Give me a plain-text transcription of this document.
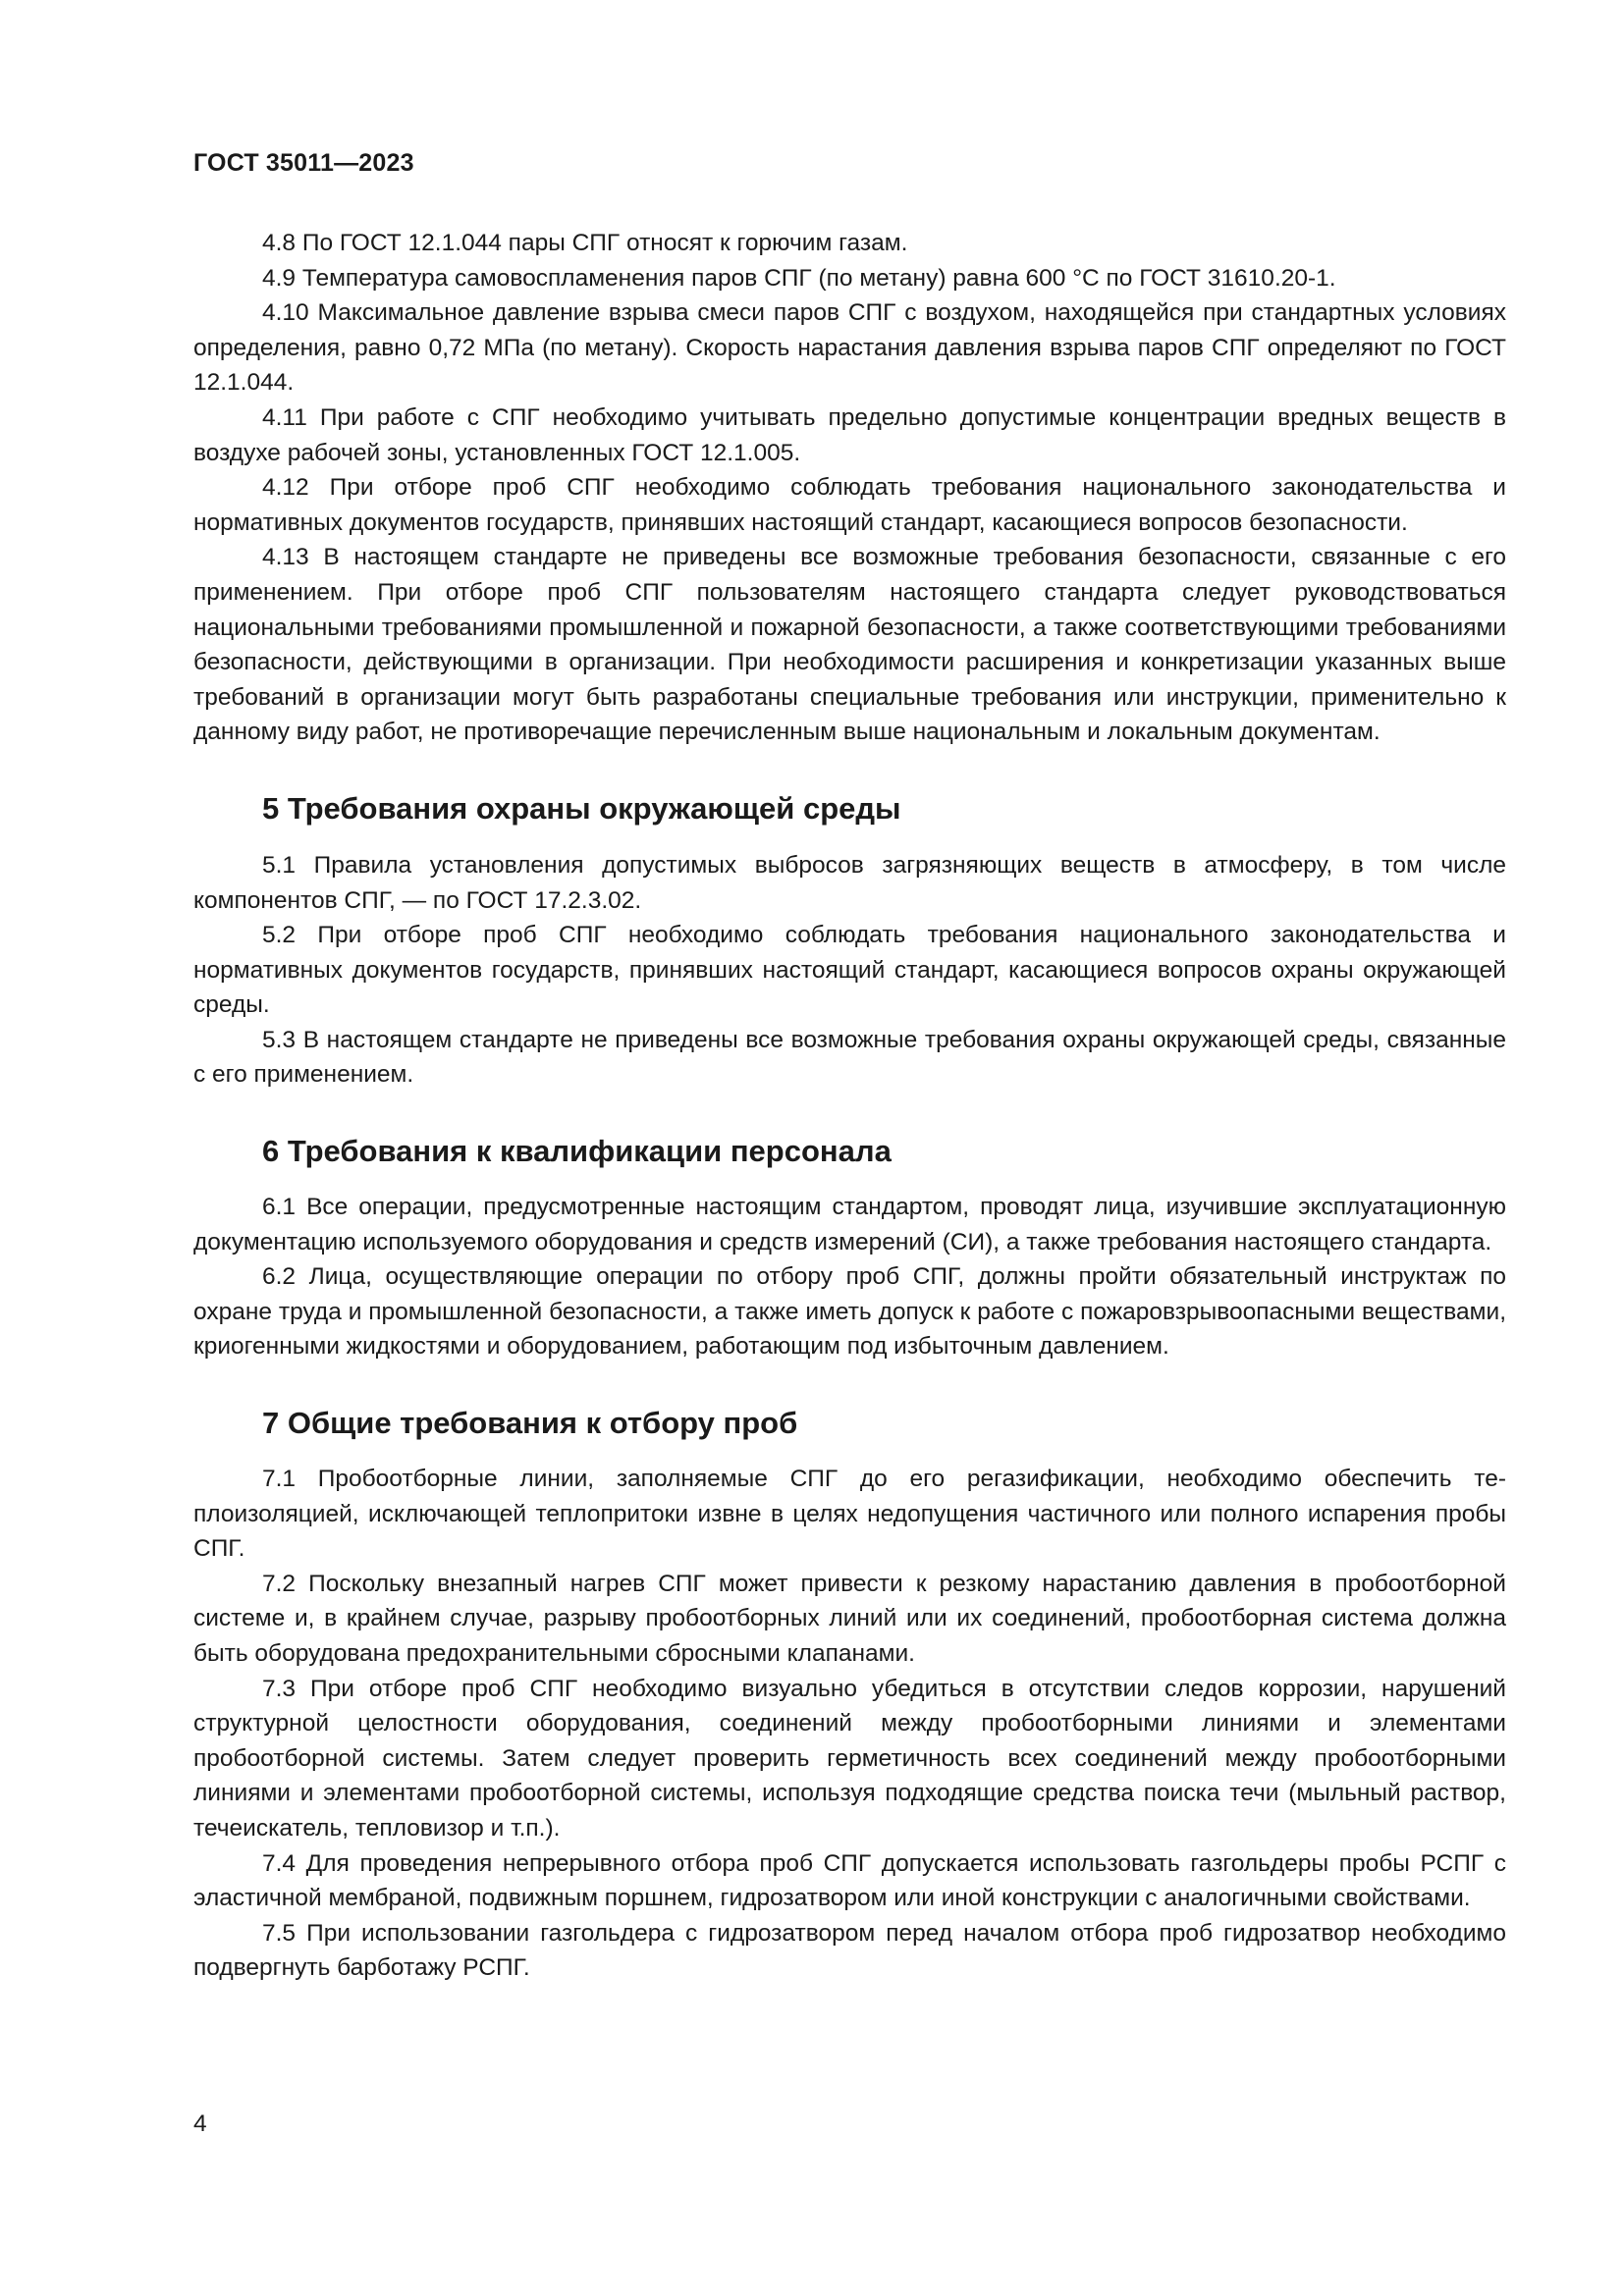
ГОСТ 35011—2023

4.8 По ГОСТ 12.1.044 пары СПГ относят к горючим газам.

4.9 Температура самовоспламенения паров СПГ (по метану) равна 600 °С по ГОСТ 31610.20-1.

4.10 Максимальное давление взрыва смеси паров СПГ с воздухом, находящейся при стандартных условиях определения, равно 0,72 МПа (по метану). Скорость нарастания давления взрыва паров СПГ определяют по ГОСТ 12.1.044.

4.11 При работе с СПГ необходимо учитывать предельно допустимые концентрации вредных веществ в воздухе рабочей зоны, установленных ГОСТ 12.1.005.

4.12 При отборе проб СПГ необходимо соблюдать требования национального законодательства и нормативных документов государств, принявших настоящий стандарт, касающиеся вопросов безопасности.

4.13 В настоящем стандарте не приведены все возможные требования безопасности, связанные с его применением. При отборе проб СПГ пользователям настоящего стандарта следует руководствоваться национальными требованиями промышленной и пожарной безопасности, а также соответствующими требованиями безопасности, действующими в организации. При необходимости расширения и конкретизации указанных выше требований в организации могут быть разработаны специальные требования или инструкции, применительно к данному виду работ, не противоречащие перечисленным выше национальным и локальным документам.

5 Требования охраны окружающей среды

5.1 Правила установления допустимых выбросов загрязняющих веществ в атмосферу, в том числе компонентов СПГ, — по ГОСТ 17.2.3.02.

5.2 При отборе проб СПГ необходимо соблюдать требования национального законодательства и нормативных документов государств, принявших настоящий стандарт, касающиеся вопросов охраны окружающей среды.

5.3 В настоящем стандарте не приведены все возможные требования охраны окружающей среды, связанные с его применением.

6 Требования к квалификации персонала

6.1 Все операции, предусмотренные настоящим стандартом, проводят лица, изучившие эксплуатационную документацию используемого оборудования и средств измерений (СИ), а также требования настоящего стандарта.

6.2 Лица, осуществляющие операции по отбору проб СПГ, должны пройти обязательный инструктаж по охране труда и промышленной безопасности, а также иметь допуск к работе с пожаровзрывоопасными веществами, криогенными жидкостями и оборудованием, работающим под избыточным давлением.

7 Общие требования к отбору проб

7.1 Пробоотборные линии, заполняемые СПГ до его регазификации, необходимо обеспечить теплоизоляцией, исключающей теплопритоки извне в целях недопущения частичного или полного испарения пробы СПГ.

7.2 Поскольку внезапный нагрев СПГ может привести к резкому нарастанию давления в пробоотборной системе и, в крайнем случае, разрыву пробоотборных линий или их соединений, пробоотборная система должна быть оборудована предохранительными сбросными клапанами.

7.3 При отборе проб СПГ необходимо визуально убедиться в отсутствии следов коррозии, нарушений структурной целостности оборудования, соединений между пробоотборными линиями и элементами пробоотборной системы. Затем следует проверить герметичность всех соединений между пробоотборными линиями и элементами пробоотборной системы, используя подходящие средства поиска течи (мыльный раствор, течеискатель, тепловизор и т.п.).

7.4 Для проведения непрерывного отбора проб СПГ допускается использовать газгольдеры пробы РСПГ с эластичной мембраной, подвижным поршнем, гидрозатвором или иной конструкции с аналогичными свойствами.

7.5 При использовании газгольдера с гидрозатвором перед началом отбора проб гидрозатвор необходимо подвергнуть барботажу РСПГ.

4
